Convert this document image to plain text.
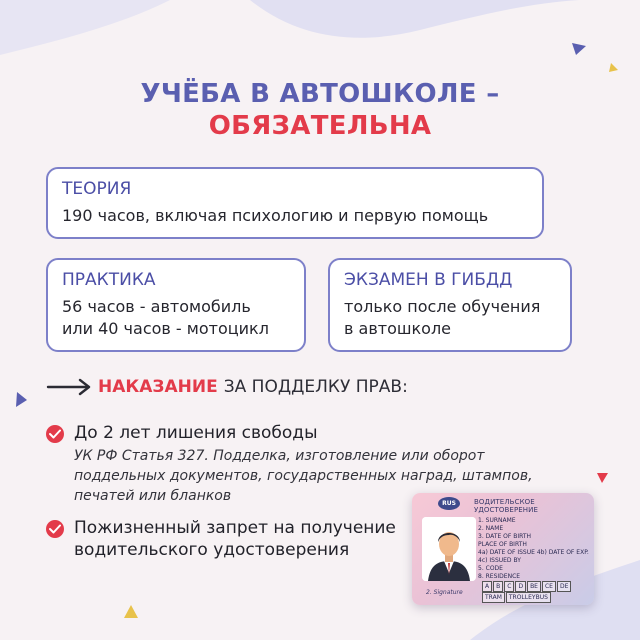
УЧЁБА В АВТОШКОЛЕ –
ОБЯЗАТЕЛЬНА
ТЕОРИЯ
190 часов, включая психологию и первую помощь
ПРАКТИКА
56 часов - автомобиль
или 40 часов - мотоцикл
ЭКЗАМЕН В ГИБДД
только после обучения
в автошколе
НАКАЗАНИЕ ЗА ПОДДЕЛКУ ПРАВ:
До 2 лет лишения свободы
УК РФ Статья 327. Подделка, изготовление или оборот
поддельных документов, государственных наград, штампов,
печатей или бланков
Пожизненный запрет на получение
водительского удостоверения
RUS	ВОДИТЕЛЬСКОЕ УДОСТОВЕРЕНИЕ
1. SURNAME
2. NAME
3. DATE OF BIRTH
PLACE OF BIRTH
4a) DATE OF ISSUE 4b) DATE OF EXP.
4c) ISSUED BY
5. CODE
8. RESIDENCE
2. Signature
A B C D BE CE DE
TRAM TROLLEYBUS
